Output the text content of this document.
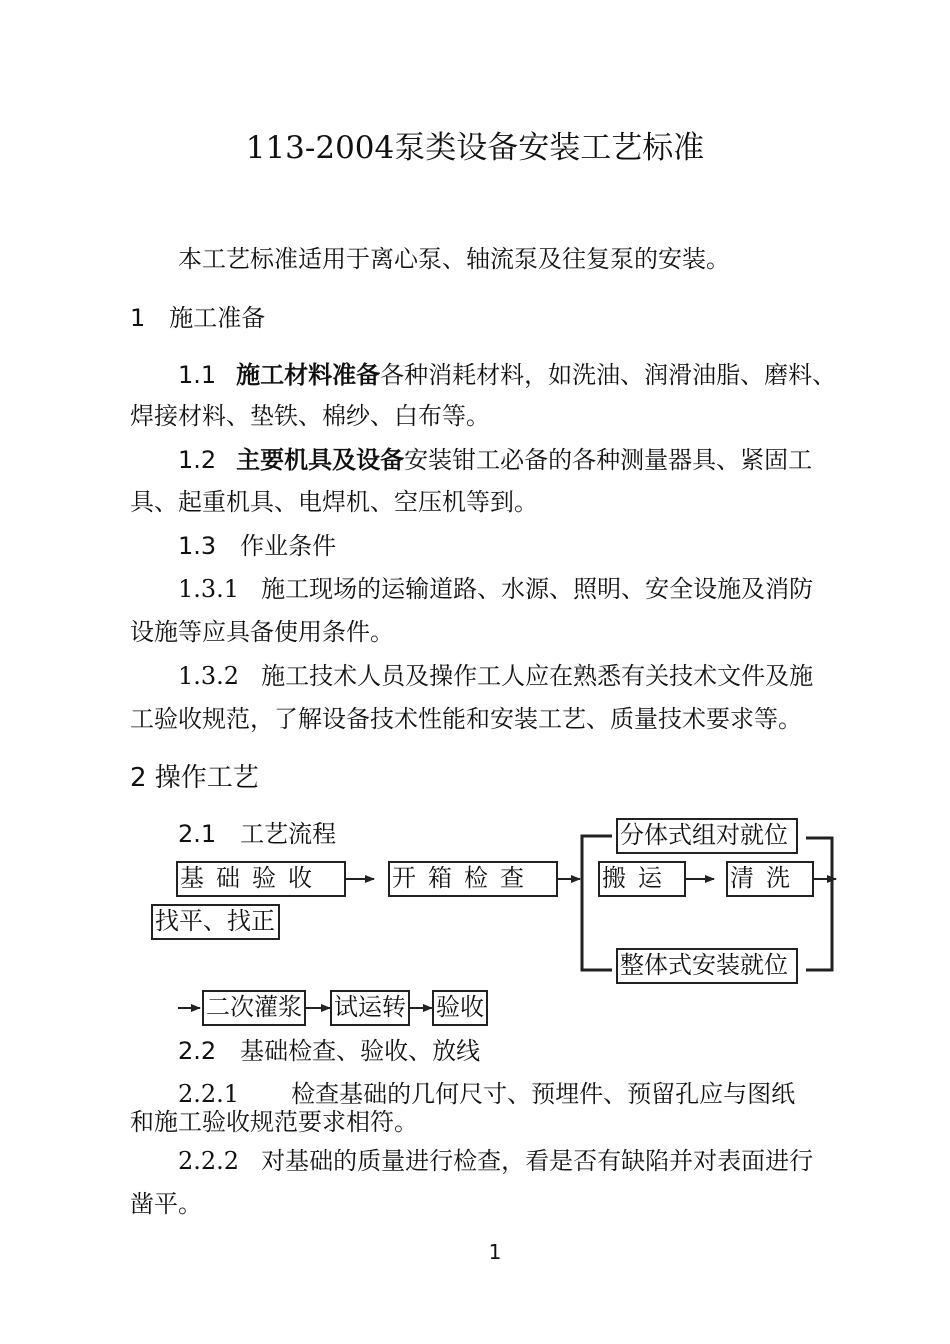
113-2004泵类设备安装工艺标准
本工艺标准适用于离心泵、轴流泵及往复泵的安装。
1　施工准备
1.1 施工材料准备各种消耗材料，如洗油、润滑油脂、磨料、
焊接材料、垫铁、棉纱、白布等。
1.2 主要机具及设备安装钳工必备的各种测量器具、紧固工
具、起重机具、电焊机、空压机等到。
1.3　作业条件
1.3.1 施工现场的运输道路、水源、照明、安全设施及消防
设施等应具备使用条件。
1.3.2 施工技术人员及操作工人应在熟悉有关技术文件及施
工验收规范，了解设备技术性能和安装工艺、质量技术要求等。
2 操作工艺
2.1　工艺流程
基础验收	开箱检查
分体式组对就位
搬运	清洗
整体式安装就位
找平、找正
二次灌浆 试运转 验收
2.2　基础检查、验收、放线
2.2.1 检查基础的几何尺寸、预埋件、预留孔应与图纸
和施工验收规范要求相符。
2.2.2 对基础的质量进行检查，看是否有缺陷并对表面进行
凿平。
1
